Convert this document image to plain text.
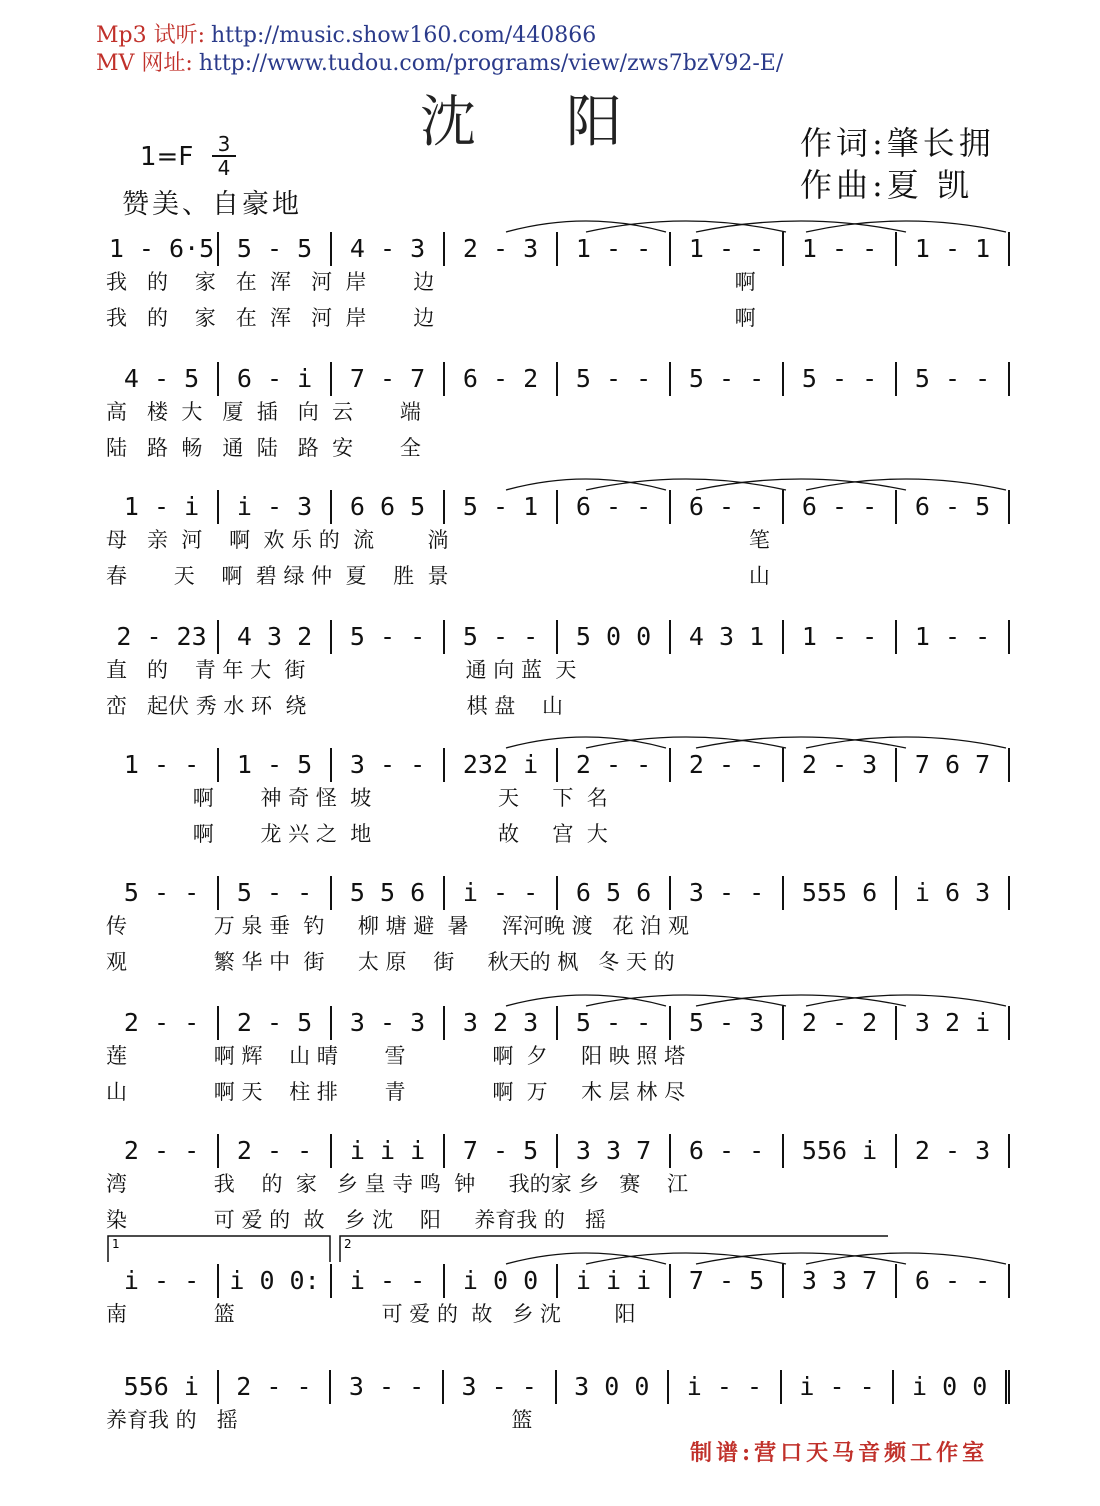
Mp3 试听: http://music.show160.com/440866
MV 网址: http://www.tudou.com/programs/view/zws7bzV92-E/
沈阳	作词:肇长拥
作曲:夏 凯
1=F 3
4
赞美、自豪地
1 - 6·5 5 - 5	4 - 3	2 - 3	1 - -	1 - -	1 - -	1 - 1
我   的    家   在  浑   河  岸       边                                             啊
我   的    家   在  浑   河  岸       边                                             啊
4 - 5	6 - i	7 - 7	6 - 2	5 - -	5 - -	5 - -	5 - -
高   楼  大   厦  插   向  云       端
陆   路  畅   通  陆   路  安       全
1 - i	i - 3	6 6 5	5 - 1	6 - -	6 - -	6 - -	6 - 5
母   亲  河    啊  欢 乐 的  流        淌                                             笔
春       天    啊  碧 绿 仲  夏    胜  景                                             山
2 - 23	4 3 2	5 - -	5 - -	5 0 0	4 3 1	1 - -	1 - -
直   的    青 年 大  街                        通 向 蓝  天
峦   起伏 秀 水 环  绕                        棋 盘    山
1 - -	1 - 5	3 - -	232 i	2 - -	2 - -	2 - 3	7 6 7
啊       神 奇 怪  坡                   天     下  名
啊       龙 兴 之  地                   故     宫  大
5 - -	5 - -	5 5 6	i - -	6 5 6	3 - -	555 6	i 6 3
传             万 泉 垂  钓     柳 塘 避  暑     浑河晚 渡   花 泊 观
观             繁 华 中  街     太 原    街     秋天的 枫   冬 天 的
2 - -	2 - 5	3 - 3	3 2 3	5 - -	5 - 3	2 - 2	3 2 i
莲             啊 辉    山 晴       雪             啊  夕     阳 映 照 塔
山             啊 天    柱 排       青             啊  万     木 层 林 尽
2 - -	2 - -	i i i	7 - 5	3 3 7	6 - -	556 i	2 - 3
湾             我    的  家   乡 皇 寺 鸣  钟     我的家 乡   赛    江
染             可 爱 的  故   乡 沈    阳     养育我 的   摇
i - -	i 0 0:	i - -	i 0 0	i i i	7 - 5	3 3 7	6 - -
南             篮                      可 爱 的  故   乡 沈        阳
556 i	2 - -	3 - -	3 - -	3 0 0	i - -	i - -	i 0 0
养育我 的   摇                                         篮
1	2
制谱:营口天马音频工作室
